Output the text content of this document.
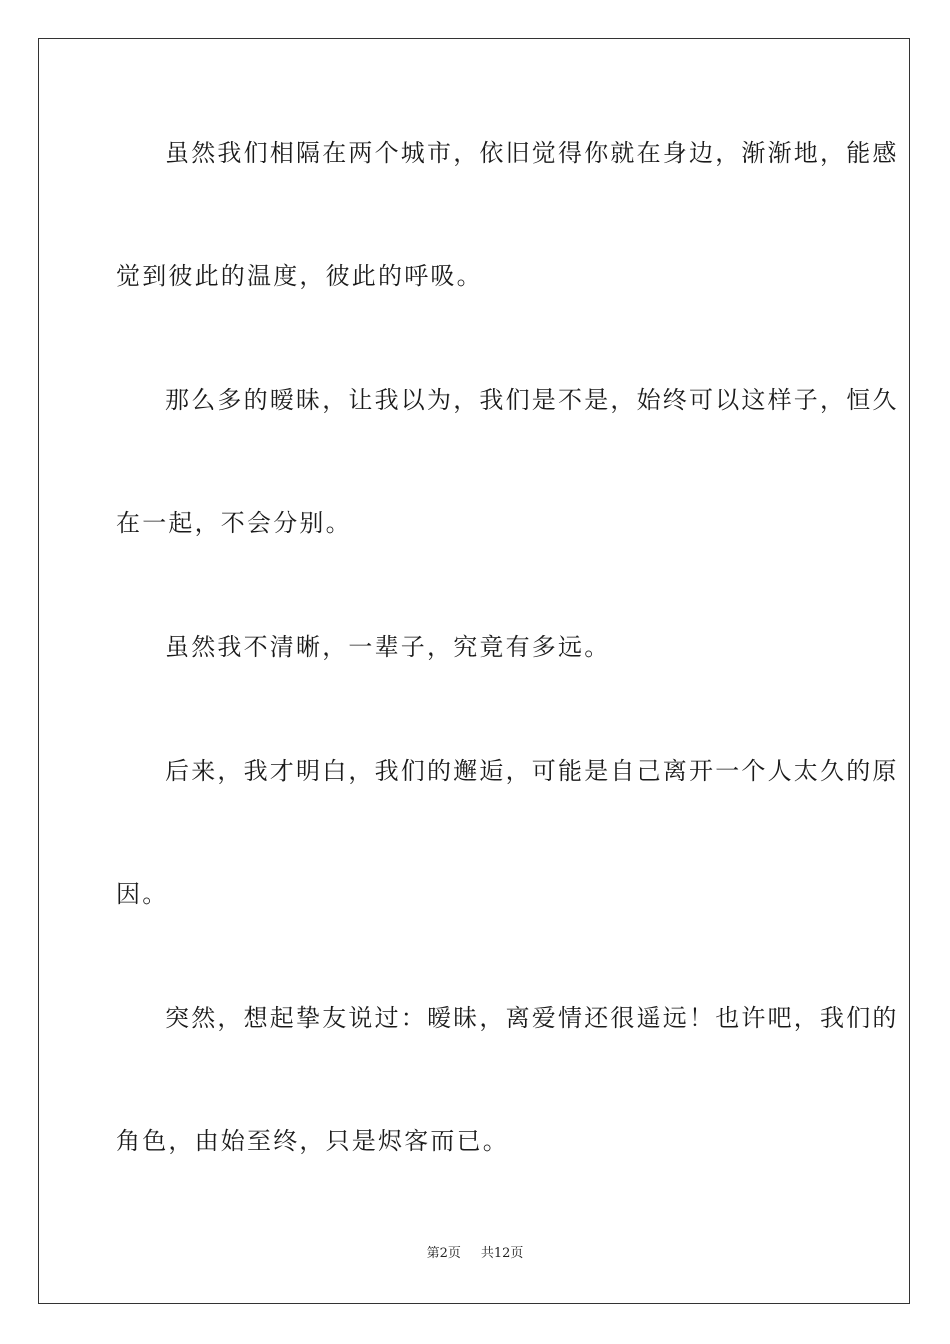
虽然我们相隔在两个城市，依旧觉得你就在身边，渐渐地，能感
觉到彼此的温度，彼此的呼吸。
那么多的暧昧，让我以为，我们是不是，始终可以这样子，恒久
在一起，不会分别。
虽然我不清晰，一辈子，究竟有多远。
后来，我才明白，我们的邂逅，可能是自己离开一个人太久的原
因。
突然，想起挚友说过：暧昧，离爱情还很遥远！也许吧，我们的
角色，由始至终，只是烬客而已。
第2页 共12页
